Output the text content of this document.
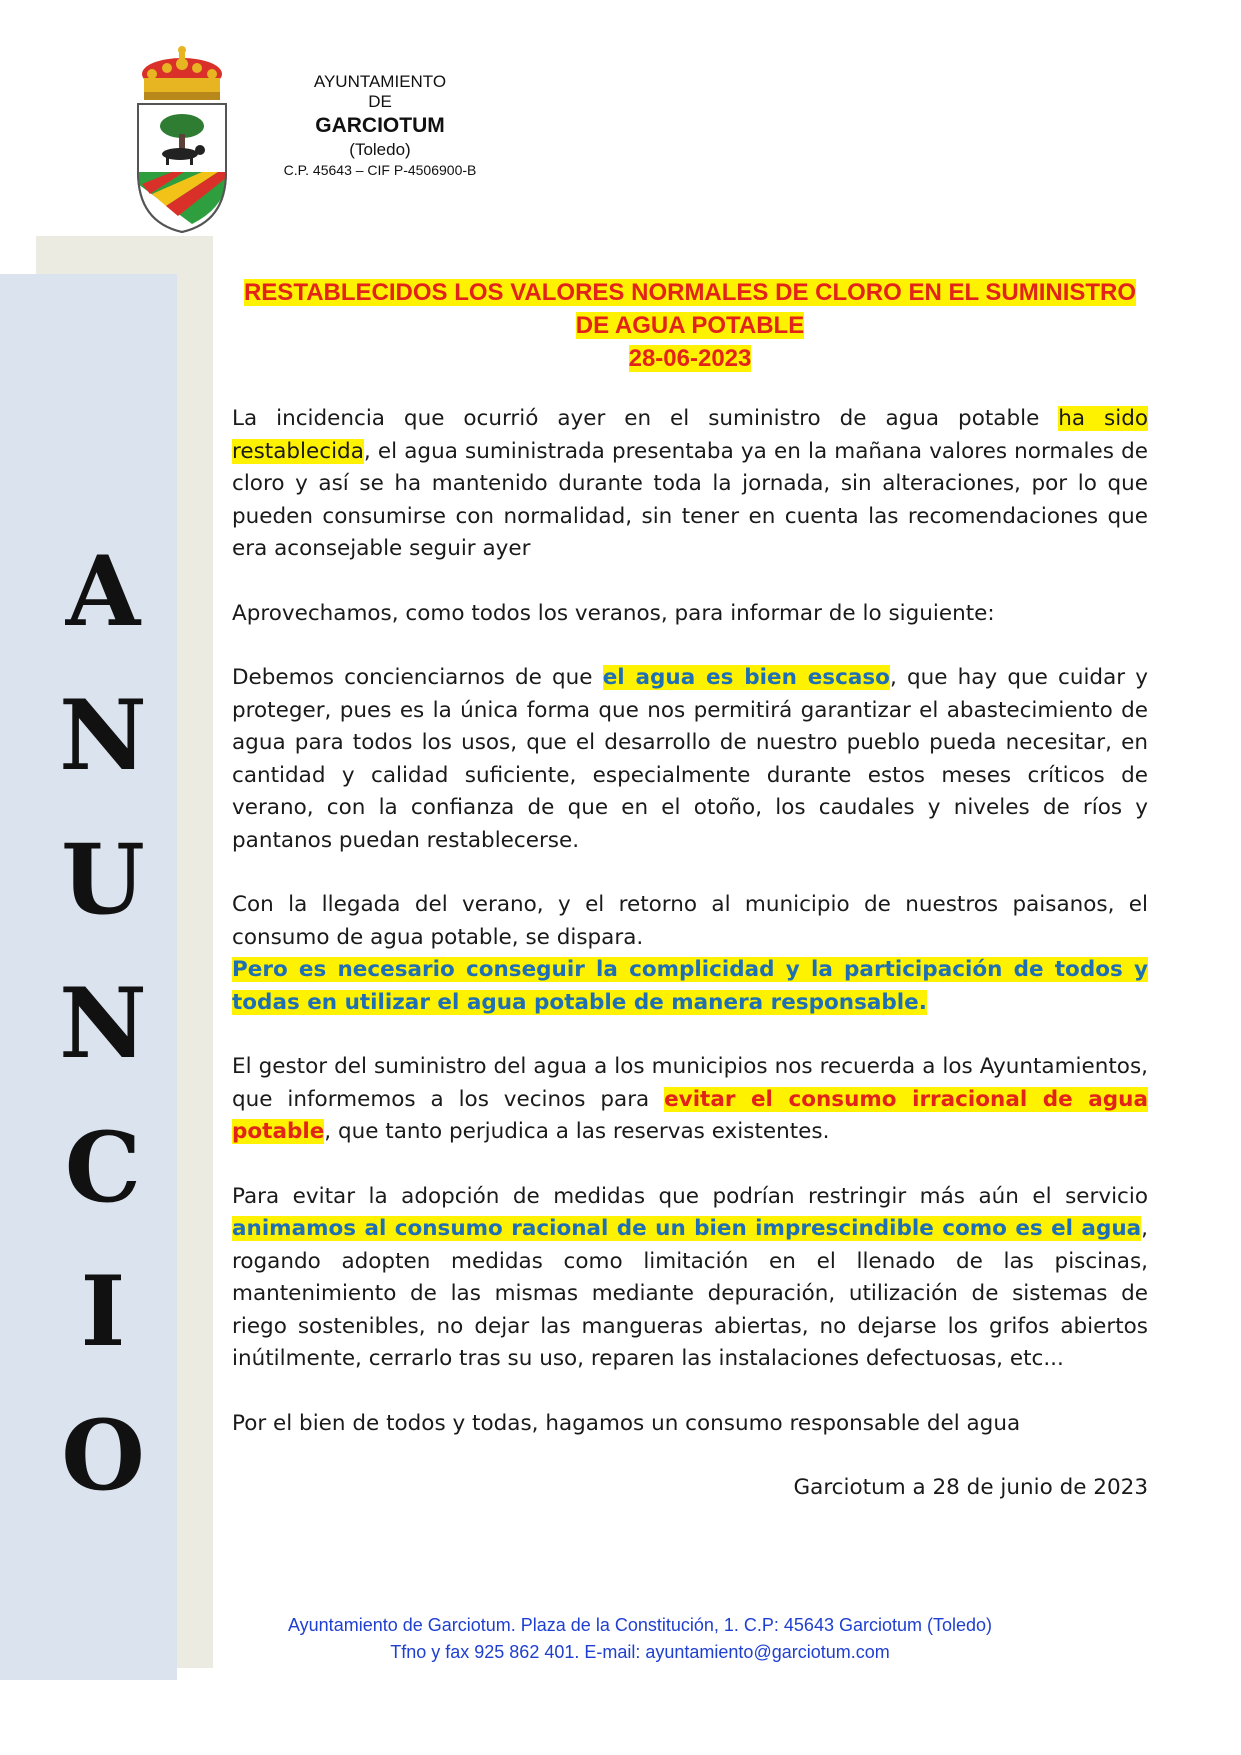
A
N
U
N
C
I
O
AYUNTAMIENTO
DE
GARCIOTUM
(Toledo)
C.P. 45643 – CIF P-4506900-B
RESTABLECIDOS LOS VALORES NORMALES DE CLORO EN EL SUMINISTRO
DE AGUA POTABLE
28-06-2023

La incidencia que ocurrió ayer en el suministro de agua potable ha sido restablecida, el agua suministrada presentaba ya en la mañana valores normales de cloro y así se ha mantenido durante toda la jornada, sin alteraciones, por lo que pueden consumirse con normalidad, sin tener en cuenta las recomendaciones que era aconsejable seguir ayer

Aprovechamos, como todos los veranos, para informar de lo siguiente:

Debemos concienciarnos de que el agua es bien escaso, que hay que cuidar y proteger, pues es la única forma que nos permitirá garantizar el abastecimiento de agua para todos los usos, que el desarrollo de nuestro pueblo pueda necesitar, en cantidad y calidad suficiente, especialmente durante estos meses críticos de verano, con la confianza de que en el otoño, los caudales y niveles de ríos y pantanos puedan restablecerse.

Con la llegada del verano, y el retorno al municipio de nuestros paisanos, el consumo de agua potable, se dispara.
Pero es necesario conseguir la complicidad y la participación de todos y todas en utilizar el agua potable de manera responsable.

El gestor del suministro del agua a los municipios nos recuerda a los Ayuntamientos, que informemos a los vecinos para evitar el consumo irracional de agua potable, que tanto perjudica a las reservas existentes.

Para evitar la adopción de medidas que podrían restringir más aún el servicio animamos al consumo racional de un bien imprescindible como es el agua, rogando adopten medidas como limitación en el llenado de las piscinas, mantenimiento de las mismas mediante depuración, utilización de sistemas de riego sostenibles, no dejar las mangueras abiertas, no dejarse los grifos abiertos inútilmente, cerrarlo tras su uso, reparen las instalaciones defectuosas, etc...

Por el bien de todos y todas, hagamos un consumo responsable del agua

Garciotum a 28 de junio de 2023
Ayuntamiento de Garciotum. Plaza de la Constitución, 1. C.P: 45643 Garciotum (Toledo)
Tfno y fax 925 862 401. E-mail: ayuntamiento@garciotum.com
